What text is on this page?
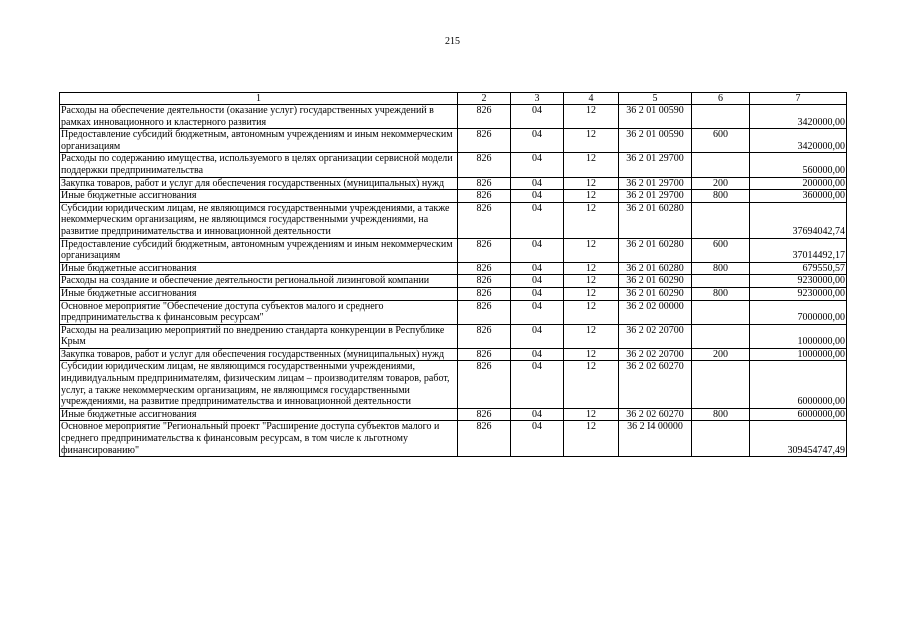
215
1	2	3	4	5	6	7
Расходы на обеспечение деятельности (оказание услуг) государственных учреждений в рамках инновационного и кластерного развития	826	04	12	36 2 01 00590		3420000,00
Предоставление субсидий бюджетным, автономным учреждениям и иным некоммерческим организациям	826	04	12	36 2 01 00590	600	3420000,00
Расходы по содержанию имущества, используемого в целях организации сервисной модели поддержки предпринимательства	826	04	12	36 2 01 29700		560000,00
Закупка товаров, работ и услуг для обеспечения государственных (муниципальных) нужд	826	04	12	36 2 01 29700	200	200000,00
Иные бюджетные ассигнования	826	04	12	36 2 01 29700	800	360000,00
Субсидии юридическим лицам, не являющимся государственными учреждениями, а также некоммерческим организациям, не являющимся государственными учреждениями, на развитие предпринимательства и инновационной деятельности	826	04	12	36 2 01 60280		37694042,74
Предоставление субсидий бюджетным, автономным учреждениям и иным некоммерческим организациям	826	04	12	36 2 01 60280	600	37014492,17
Иные бюджетные ассигнования	826	04	12	36 2 01 60280	800	679550,57
Расходы на создание и обеспечение деятельности региональной лизинговой компании	826	04	12	36 2 01 60290		9230000,00
Иные бюджетные ассигнования	826	04	12	36 2 01 60290	800	9230000,00
Основное мероприятие "Обеспечение доступа субъектов малого и среднего предпринимательства к финансовым ресурсам"	826	04	12	36 2 02 00000		7000000,00
Расходы на реализацию мероприятий по внедрению стандарта конкуренции в Республике Крым	826	04	12	36 2 02 20700		1000000,00
Закупка товаров, работ и услуг для обеспечения государственных (муниципальных) нужд	826	04	12	36 2 02 20700	200	1000000,00
Субсидии юридическим лицам, не являющимся государственными учреждениями, индивидуальным предпринимателям, физическим лицам – производителям товаров, работ, услуг, а также некоммерческим организациям, не являющимся государственными учреждениями, на развитие предпринимательства и инновационной деятельности	826	04	12	36 2 02 60270		6000000,00
Иные бюджетные ассигнования	826	04	12	36 2 02 60270	800	6000000,00
Основное мероприятие "Региональный проект "Расширение доступа субъектов малого и среднего предпринимательства к финансовым ресурсам, в том числе к льготному финансированию"	826	04	12	36 2 I4 00000		309454747,49
